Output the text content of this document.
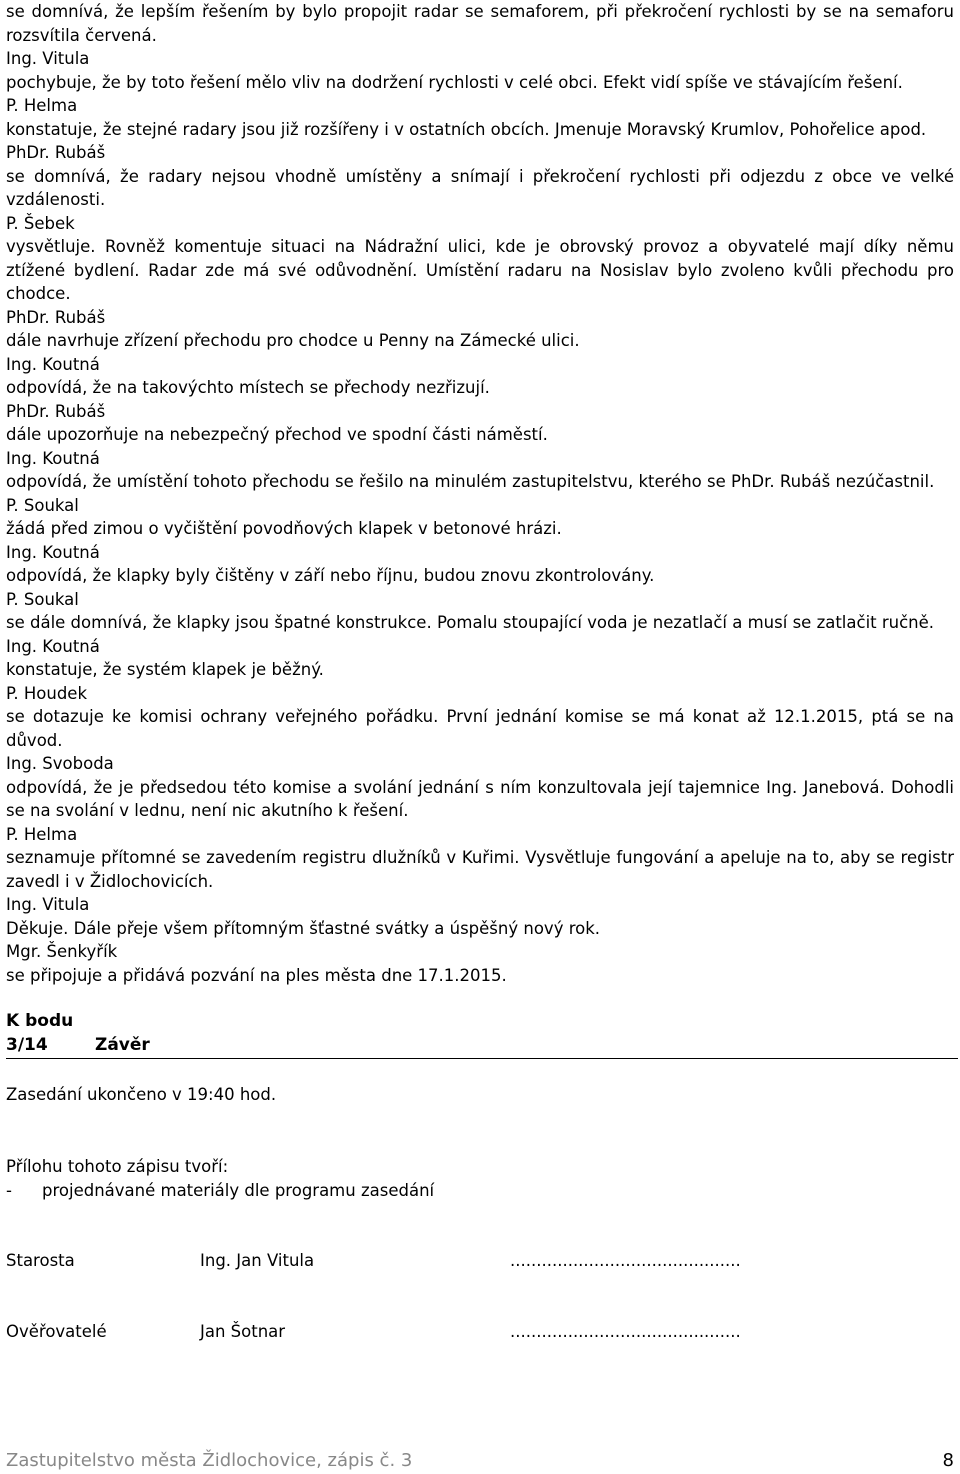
se domnívá, že lepším řešením by bylo propojit radar se semaforem, při překročení rychlosti by se na semaforu rozsvítila červená.
Ing. Vitula
pochybuje, že by toto řešení mělo vliv na dodržení rychlosti v celé obci. Efekt vidí spíše ve stávajícím řešení.
P. Helma
konstatuje, že stejné radary jsou již rozšířeny i v ostatních obcích. Jmenuje Moravský Krumlov, Pohořelice apod.
PhDr. Rubáš
se domnívá, že radary nejsou vhodně umístěny a snímají i překročení rychlosti při odjezdu z obce ve velké vzdálenosti.
P. Šebek
vysvětluje. Rovněž komentuje situaci na Nádražní ulici, kde je obrovský provoz a obyvatelé mají díky němu ztížené bydlení. Radar zde má své odůvodnění. Umístění radaru na Nosislav bylo zvoleno kvůli přechodu pro chodce.
PhDr. Rubáš
dále navrhuje zřízení přechodu pro chodce u Penny na Zámecké ulici.
Ing. Koutná
odpovídá, že na takovýchto místech se přechody nezřizují.
PhDr. Rubáš
dále upozorňuje na nebezpečný přechod ve spodní části náměstí.
Ing. Koutná
odpovídá, že umístění tohoto přechodu se řešilo na minulém zastupitelstvu, kterého se PhDr. Rubáš nezúčastnil.
P. Soukal
žádá před zimou o vyčištění povodňových klapek v betonové hrázi.
Ing. Koutná
odpovídá, že klapky byly čištěny v září nebo říjnu, budou znovu zkontrolovány.
P. Soukal
se dále domnívá, že klapky jsou špatné konstrukce. Pomalu stoupající voda je nezatlačí a musí se zatlačit ručně.
Ing. Koutná
konstatuje, že systém klapek je běžný.
P. Houdek
se dotazuje ke komisi ochrany veřejného pořádku. První jednání komise se má konat až 12.1.2015, ptá se na důvod.
Ing. Svoboda
odpovídá, že je předsedou této komise a svolání jednání s ním konzultovala její tajemnice Ing. Janebová. Dohodli se na svolání v lednu, není nic akutního k řešení.
P. Helma
seznamuje přítomné se zavedením registru dlužníků v Kuřimi. Vysvětluje fungování a apeluje na to, aby se registr zavedl i v Židlochovicích.
Ing. Vitula
Děkuje. Dále přeje všem přítomným šťastné svátky a úspěšný nový rok.
Mgr. Šenkyřík
se připojuje a přidává pozvání na ples města dne 17.1.2015.
K bodu
3/14	Závěr
Zasedání ukončeno v 19:40 hod.
Přílohu tohoto zápisu tvoří:
-	projednávané materiály dle programu zasedání
Starosta	Ing. Jan Vitula	............................................
Ověřovatelé	Jan Šotnar	............................................
Zastupitelstvo města Židlochovice, zápis č. 3	8
